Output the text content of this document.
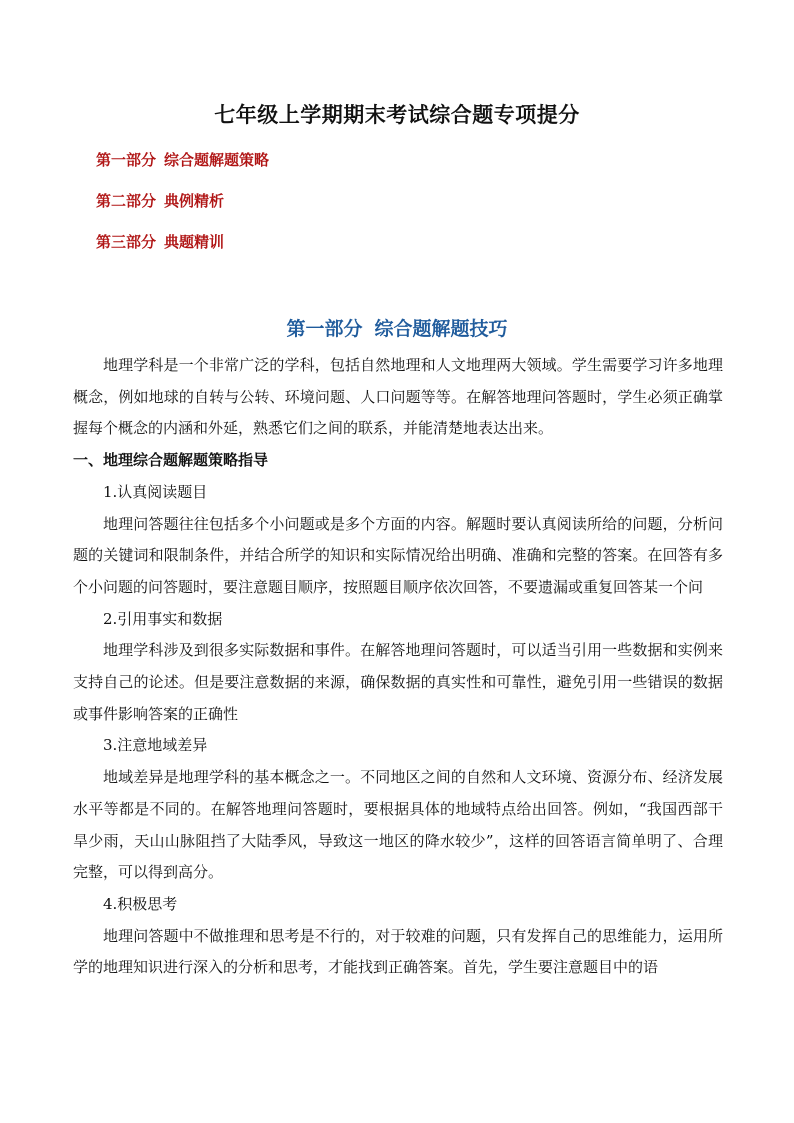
七年级上学期期末考试综合题专项提分
第一部分 综合题解题策略
第二部分 典例精析
第三部分 典题精训
第一部分 综合题解题技巧

地理学科是一个非常广泛的学科，包括自然地理和人文地理两大领域。学生需要学习许多地理概念，例如地球的自转与公转、环境问题、人口问题等等。在解答地理问答题时，学生必须正确掌握每个概念的内涵和外延，熟悉它们之间的联系，并能清楚地表达出来。

一、地理综合题解题策略指导

1.认真阅读题目

地理问答题往往包括多个小问题或是多个方面的内容。解题时要认真阅读所给的问题，分析问题的关键词和限制条件，并结合所学的知识和实际情况给出明确、准确和完整的答案。在回答有多个小问题的问答题时，要注意题目顺序，按照题目顺序依次回答，不要遗漏或重复回答某一个问

2.引用事实和数据

地理学科涉及到很多实际数据和事件。在解答地理问答题时，可以适当引用一些数据和实例来支持自己的论述。但是要注意数据的来源，确保数据的真实性和可靠性，避免引用一些错误的数据或事件影响答案的正确性

3.注意地域差异

地域差异是地理学科的基本概念之一。不同地区之间的自然和人文环境、资源分布、经济发展水平等都是不同的。在解答地理问答题时，要根据具体的地域特点给出回答。例如，“我国西部干旱少雨，天山山脉阻挡了大陆季风，导致这一地区的降水较少”，这样的回答语言简单明了、合理完整，可以得到高分。

4.积极思考

地理问答题中不做推理和思考是不行的，对于较难的问题，只有发挥自己的思维能力，运用所学的地理知识进行深入的分析和思考，才能找到正确答案。首先，学生要注意题目中的语
